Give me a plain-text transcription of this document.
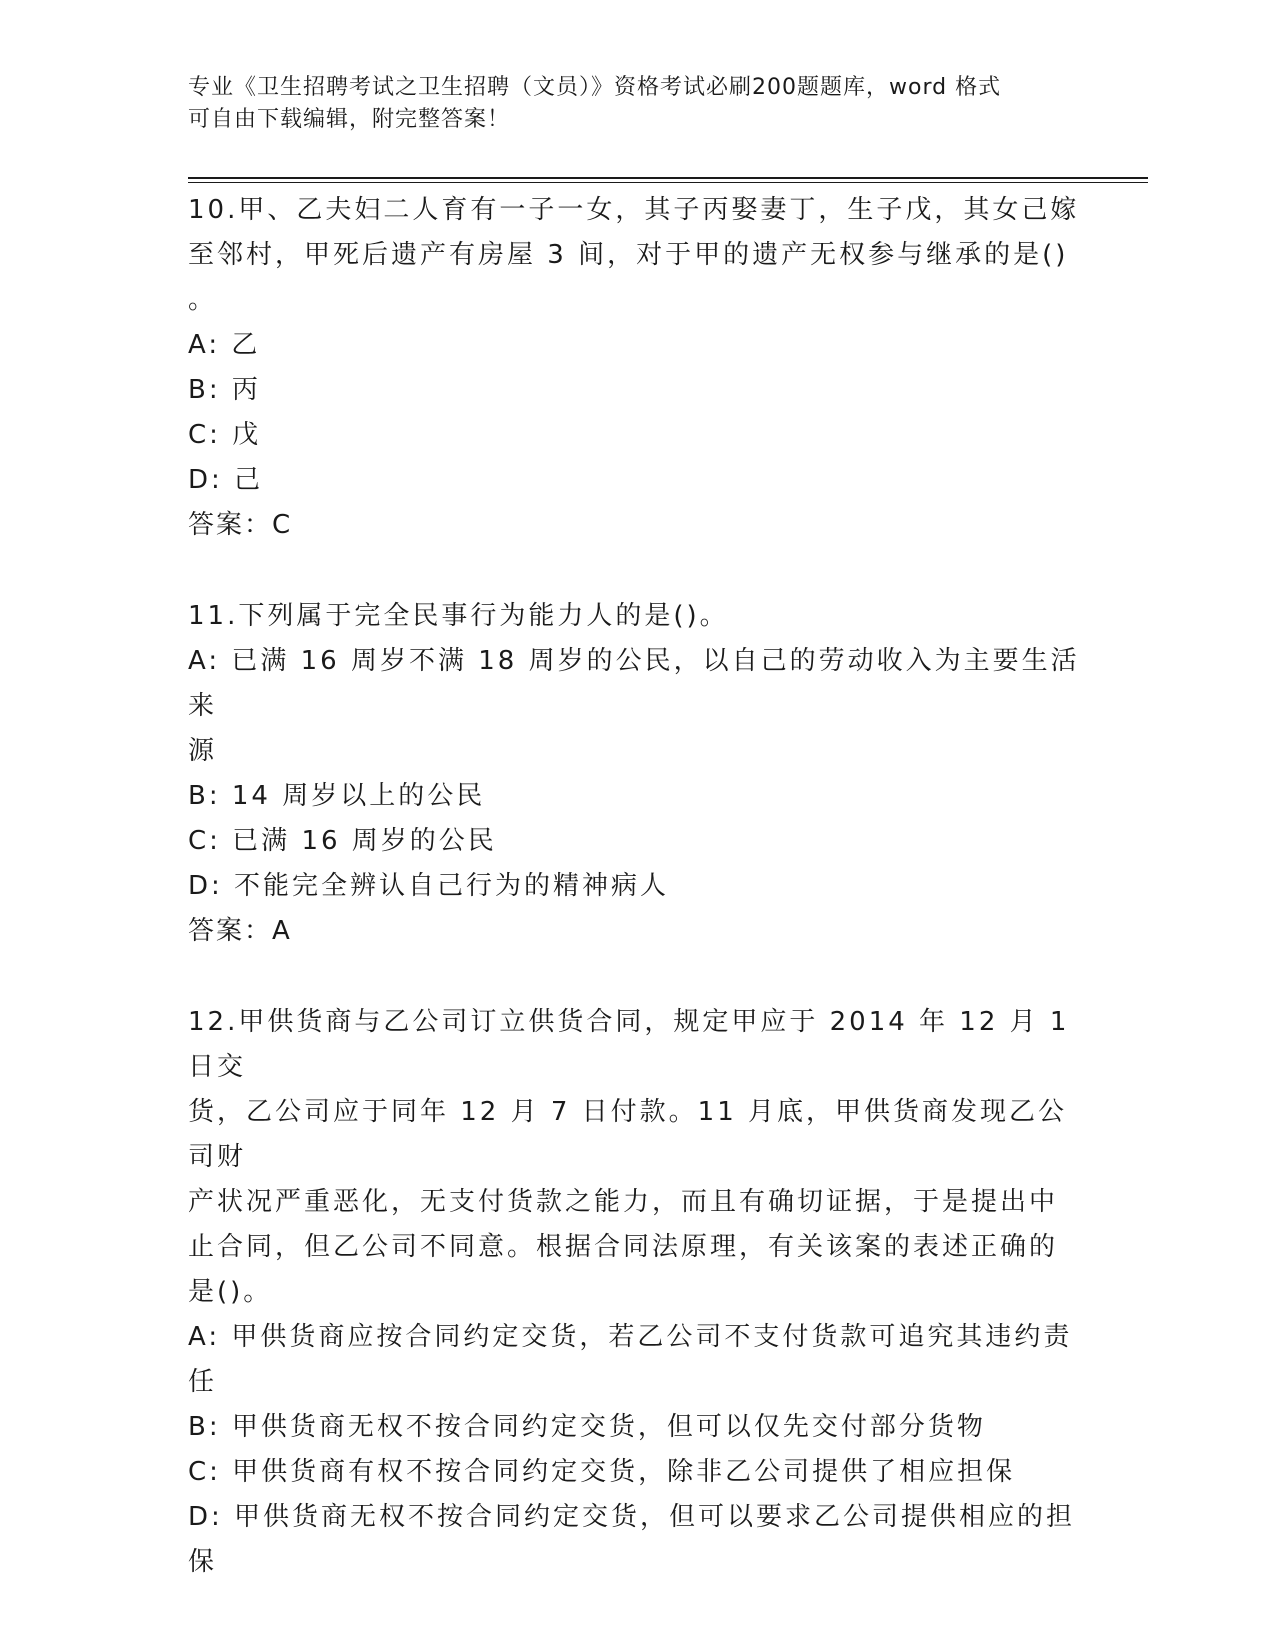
专业《卫生招聘考试之卫生招聘（文员）》资格考试必刷200题题库，word 格式
可自由下载编辑，附完整答案！
10.甲、乙夫妇二人育有一子一女，其子丙娶妻丁，生子戊，其女己嫁
至邻村，甲死后遗产有房屋 3 间，对于甲的遗产无权参与继承的是()
。
A: 乙
B: 丙
C: 戊
D: 己
答案：C
11.下列属于完全民事行为能力人的是()。
A: 已满 16 周岁不满 18 周岁的公民，以自己的劳动收入为主要生活来
源
B: 14 周岁以上的公民
C: 已满 16 周岁的公民
D: 不能完全辨认自己行为的精神病人
答案：A
12.甲供货商与乙公司订立供货合同，规定甲应于 2014 年 12 月 1 日交
货，乙公司应于同年 12 月 7 日付款。11 月底，甲供货商发现乙公司财
产状况严重恶化，无支付货款之能力，而且有确切证据，于是提出中
止合同，但乙公司不同意。根据合同法原理，有关该案的表述正确的
是()。
A: 甲供货商应按合同约定交货，若乙公司不支付货款可追究其违约责
任
B: 甲供货商无权不按合同约定交货，但可以仅先交付部分货物
C: 甲供货商有权不按合同约定交货，除非乙公司提供了相应担保
D: 甲供货商无权不按合同约定交货，但可以要求乙公司提供相应的担
保
